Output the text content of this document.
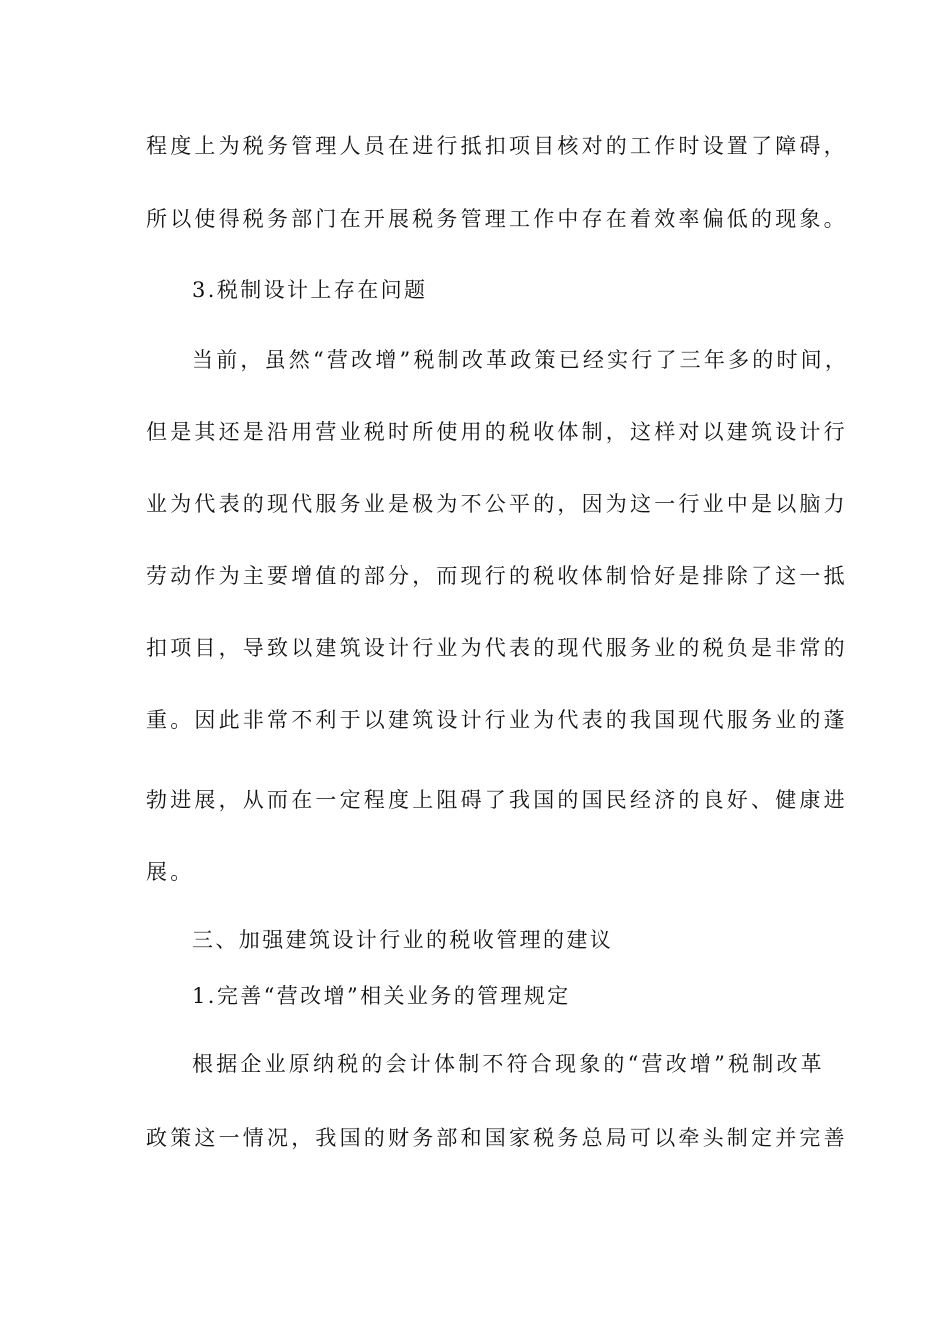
程度上为税务管理人员在进行抵扣项目核对的工作时设置了障碍，
所以使得税务部门在开展税务管理工作中存在着效率偏低的现象。
3.税制设计上存在问题
当前，虽然“营改增”税制改革政策已经实行了三年多的时间，
但是其还是沿用营业税时所使用的税收体制，这样对以建筑设计行
业为代表的现代服务业是极为不公平的，因为这一行业中是以脑力
劳动作为主要增值的部分，而现行的税收体制恰好是排除了这一抵
扣项目，导致以建筑设计行业为代表的现代服务业的税负是非常的
重。因此非常不利于以建筑设计行业为代表的我国现代服务业的蓬
勃进展，从而在一定程度上阻碍了我国的国民经济的良好、健康进
展。
三、加强建筑设计行业的税收管理的建议
1.完善“营改增”相关业务的管理规定
根据企业原纳税的会计体制不符合现象的“营改增”税制改革
政策这一情况，我国的财务部和国家税务总局可以牵头制定并完善
